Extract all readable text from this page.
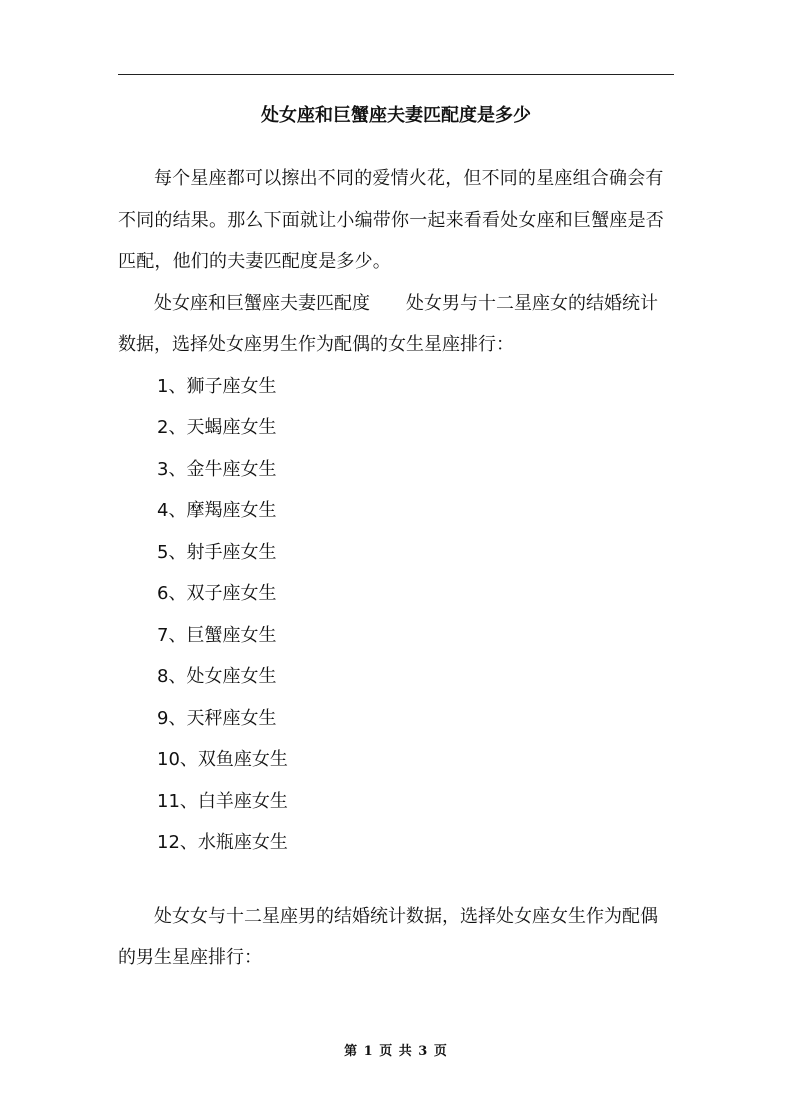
处女座和巨蟹座夫妻匹配度是多少

每个星座都可以擦出不同的爱情火花，但不同的星座组合确会有不同的结果。那么下面就让小编带你一起来看看处女座和巨蟹座是否匹配，他们的夫妻匹配度是多少。

处女座和巨蟹座夫妻匹配度 处女男与十二星座女的结婚统计数据，选择处女座男生作为配偶的女生星座排行：

1、狮子座女生
2、天蝎座女生
3、金牛座女生
4、摩羯座女生
5、射手座女生
6、双子座女生
7、巨蟹座女生
8、处女座女生
9、天秤座女生
10、双鱼座女生
11、白羊座女生
12、水瓶座女生

处女女与十二星座男的结婚统计数据，选择处女座女生作为配偶的男生星座排行：

第 1 页 共 3 页
